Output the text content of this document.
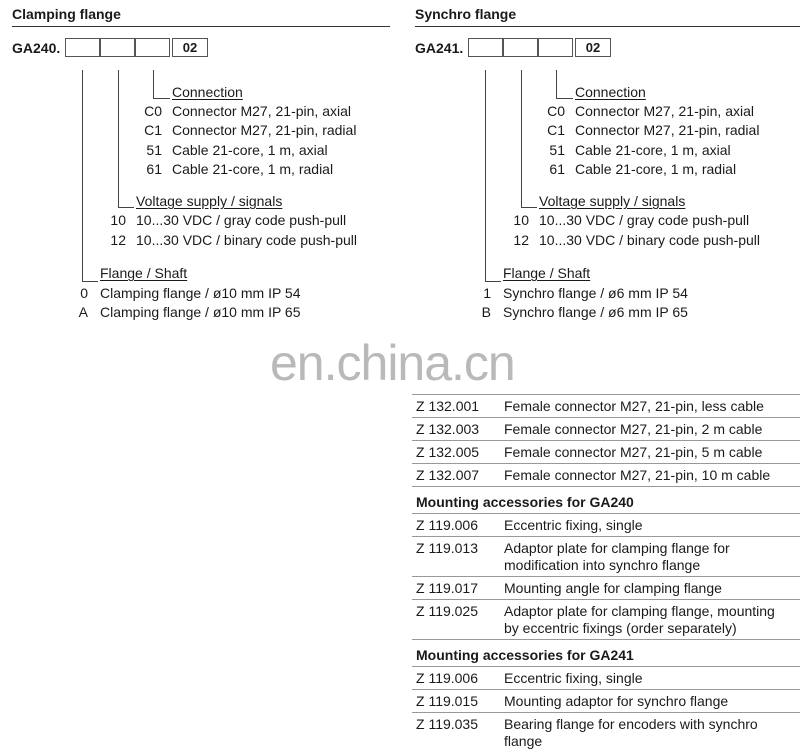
Clamping flange
GA240.	02
Connection
C0 Connector M27, 21-pin, axial
C1 Connector M27, 21-pin, radial
51 Cable 21-core, 1 m, axial
61 Cable 21-core, 1 m, radial
Voltage supply / signals
10 10...30 VDC / gray code push-pull
12 10...30 VDC / binary code push-pull
Flange / Shaft
0 Clamping flange / ø10 mm IP 54
A Clamping flange / ø10 mm IP 65
Synchro flange
GA241.	02
Connection
C0 Connector M27, 21-pin, axial
C1 Connector M27, 21-pin, radial
51 Cable 21-core, 1 m, axial
61 Cable 21-core, 1 m, radial
Voltage supply / signals
10 10...30 VDC / gray code push-pull
12 10...30 VDC / binary code push-pull
Flange / Shaft
1 Synchro flange / ø6 mm IP 54
B Synchro flange / ø6 mm IP 65
en.china.cn
Z 132.001	Female connector M27, 21-pin, less cable
Z 132.003	Female connector M27, 21-pin, 2 m cable
Z 132.005	Female connector M27, 21-pin, 5 m cable
Z 132.007	Female connector M27, 21-pin, 10 m cable
Mounting accessories for GA240
Z 119.006	Eccentric fixing, single
Z 119.013	Adaptor plate for clamping flange for modification into synchro flange
Z 119.017	Mounting angle for clamping flange
Z 119.025	Adaptor plate for clamping flange, mounting by eccentric fixings (order separately)
Mounting accessories for GA241
Z 119.006	Eccentric fixing, single
Z 119.015	Mounting adaptor for synchro flange
Z 119.035	Bearing flange for encoders with synchro flange
